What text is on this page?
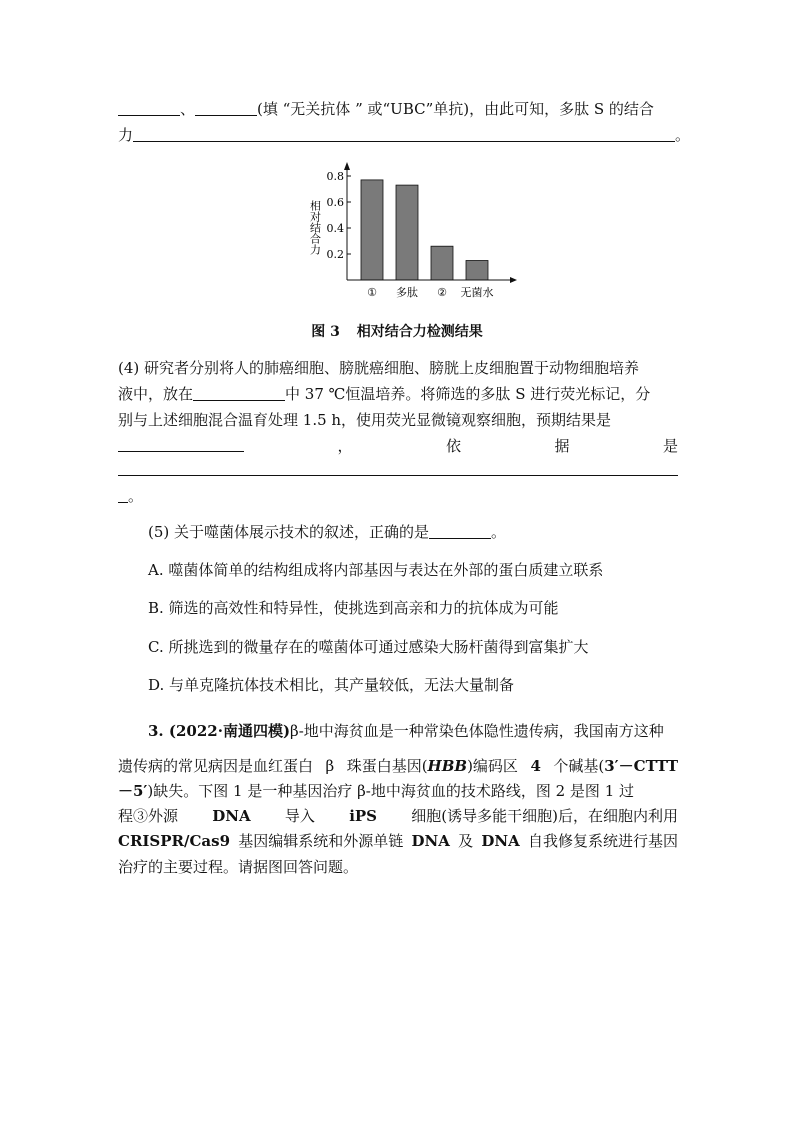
、	(填 “无关抗体 ” 或“UBC”单抗)，由此可知，多肽 S 的结合
力	。
0.2
0.4
0.6
0.8
① 多肽 ② 无菌水
相对结合力
图 3 相对结合力检测结果
(4) 研究者分别将人的肺癌细胞、膀胱癌细胞、膀胱上皮细胞置于动物细胞培养
液中，放在	中 37 ℃恒温培养。将筛选的多肽 S 进行荧光标记，分
别与上述细胞混合温育处理 1.5 h，使用荧光显微镜观察细胞，预期结果是
，	依	据	是
。
(5) 关于噬菌体展示技术的叙述，正确的是	。
A. 噬菌体简单的结构组成将内部基因与表达在外部的蛋白质建立联系
B. 筛选的高效性和特异性，使挑选到高亲和力的抗体成为可能
C. 所挑选到的微量存在的噬菌体可通过感染大肠杆菌得到富集扩大
D. 与单克隆抗体技术相比，其产量较低，无法大量制备
3. (2022·南通四模)β-地中海贫血是一种常染色体隐性遗传病，我国南方这种
遗传病的常见病因是血红蛋白 β 珠蛋白基因(HBB)编码区 4 个碱基(3′－CTTT
－5′)缺失。下图 1 是一种基因治疗 β-地中海贫血的技术路线，图 2 是图 1 过
程③外源 DNA 导入 iPS 细胞(诱导多能干细胞)后，在细胞内利用
CRISPR/Cas9 基因编辑系统和外源单链 DNA 及 DNA 自我修复系统进行基因
治疗的主要过程。请据图回答问题。
